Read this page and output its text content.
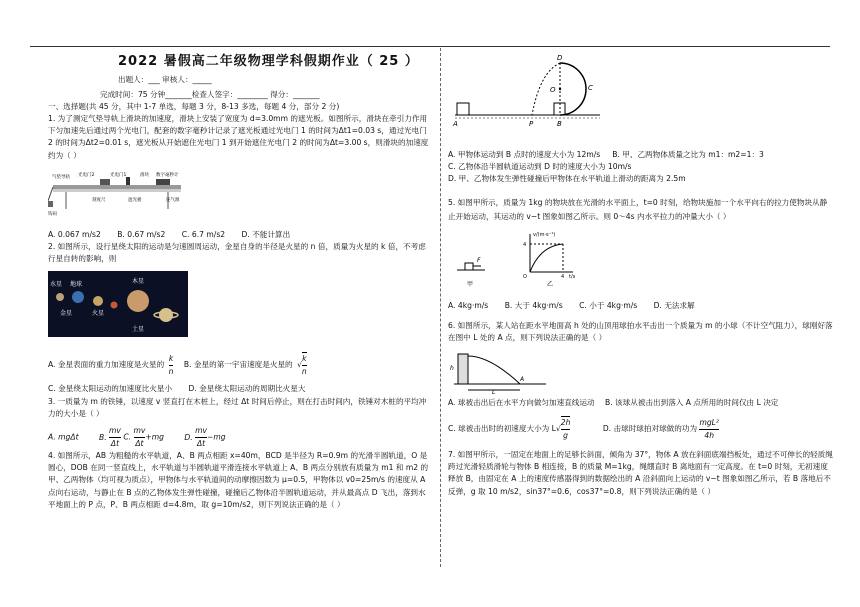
2022 暑假高二年级物理学科假期作业（ 25 ）
出题人：___ 审核人：_____
完成时间：75 分钟_______检查人签字：________ 得分：_______
一、选择题(共 45 分，其中 1-7 单选，每题 3 分，8-13 多选，每题 4 分，部分 2 分)

1. 为了测定气垫导轨上滑块的加速度，滑块上安装了宽度为 d=3.0mm 的遮光板。如图所示，滑块在牵引力作用下匀加速先后通过两个光电门，配套的数字毫秒计记录了遮光板通过光电门 1 的时间为Δt1=0.03 s，通过光电门 2 的时间为Δt2=0.01 s，遮光板从开始遮住光电门 1 到开始遮住光电门 2 的时间为Δt=3.00 s，则滑块的加速度约为（ ）

气垫导轨 光电门2	光电门1	滑块
遮光板	连气源
数字毫秒计
刻度尺
钩码
A. 0.067 m/s2 B. 0.67 m/s2 C. 6.7 m/s2 D. 不能计算出

2. 如图所示，设行星绕太阳的运动是匀速圆周运动，金星自身的半径是火星的 n 倍，质量为火星的 k 倍，不考虑行星自转的影响，则

水星 地球	木星
金星	火星
土星
A. 金星表面的重力加速度是火星的 $\frac{k}{n} B$. 金星的第一宇宙速度是火星的 √ $\frac{k}{n}$
C. 金星绕太阳运动的加速度比火星小 D. 金星绕太阳运动的周期比火星大

3. 一质量为 m 的铁锤，以速度 v 竖直打在木桩上，经过 Δt 时间后停止，则在打击时间内，铁锤对木桩的平均冲力的大小是（ ）

A. mgΔt	B. $\frac{mv}{\Delta t} C$. $\frac{mv}{\Delta t} +mg$	D. $\frac{mv}{\Delta t} -mg$

4. 如图所示，AB 为粗糙的水平轨道，A、B 两点相距 x=40m，BCD 是半径为 R=0.9m 的光滑半圆轨道，O 是圆心，DOB 在同一竖直线上，水平轨道与半圆轨道平滑连接水平轨道上 A、B 两点分别放有质量为 m1 和 m2 的甲、乙两物体（均可视为质点），甲物体与水平轨道间的动摩擦因数为 μ=0.5，甲物体以 v0=25m/s 的速度从 A 点向右运动，与静止在 B 点的乙物体发生弹性碰撞，碰撞后乙物体沿半圆轨道运动，并从最高点 D 飞出，落到水平地面上的 P 点，P、B 两点相距 d=4.8m，取 g=10m/s2，则下列说法正确的是（ ）

A	P	B
C
D
O

A. 甲物体运动到 B 点时的速度大小为 12m/s B. 甲、乙两物体质量之比为 m1：m2=1：3

C. 乙物体沿半圆轨道运动到 D 时的速度大小为 10m/s

D. 甲、乙物体发生弹性碰撞后甲物体在水平轨道上滑动的距离为 2.5m

5. 如图甲所示，质量为 1kg 的物块放在光滑的水平面上，t=0 时刻，给物块施加一个水平向右的拉力使物块从静止开始运动，其运动的 v−t 图象如图乙所示。则 0～4s 内水平拉力的冲量大小（ ）

F
甲
v/(m·s⁻¹)
4
O	4 t/s
乙
A. 4kg·m/s B. 大于 4kg·m/s C. 小于 4kg·m/s D. 无法求解

6. 如图所示，某人站在距水平地面高 h 处的山顶用球拍水平击出一个质量为 m 的小球（不计空气阻力），球刚好落在图中 L 处的 A 点，则下列说法正确的是（ ）

h
A
L
A. 球被击出后在水平方向做匀加速直线运动 B. 该球从被击出到落入 A 点所用的时间仅由 L 决定
C. 球被击出时的初速度大小为 $L√ \frac{2h}{g}$	D. 击球时球拍对球做的功为
mgL²
4h

7. 如图甲所示，一固定在地面上的足够长斜面，倾角为 37°，物体 A 放在斜面底端挡板处，通过不可伸长的轻质绳跨过光滑轻质滑轮与物体 B 相连接，B 的质量 M=1kg，绳绷直时 B 离地面有一定高度。在 t=0 时刻，无初速度释放 B，由固定在 A 上的速度传感器得到的数据绘出的 A 沿斜面向上运动的 v−t 图象如图乙所示，若 B 落地后不反弹，g 取 10 m/s2，sin37°=0.6，cos37°=0.8，则下列说法正确的是（ ）
